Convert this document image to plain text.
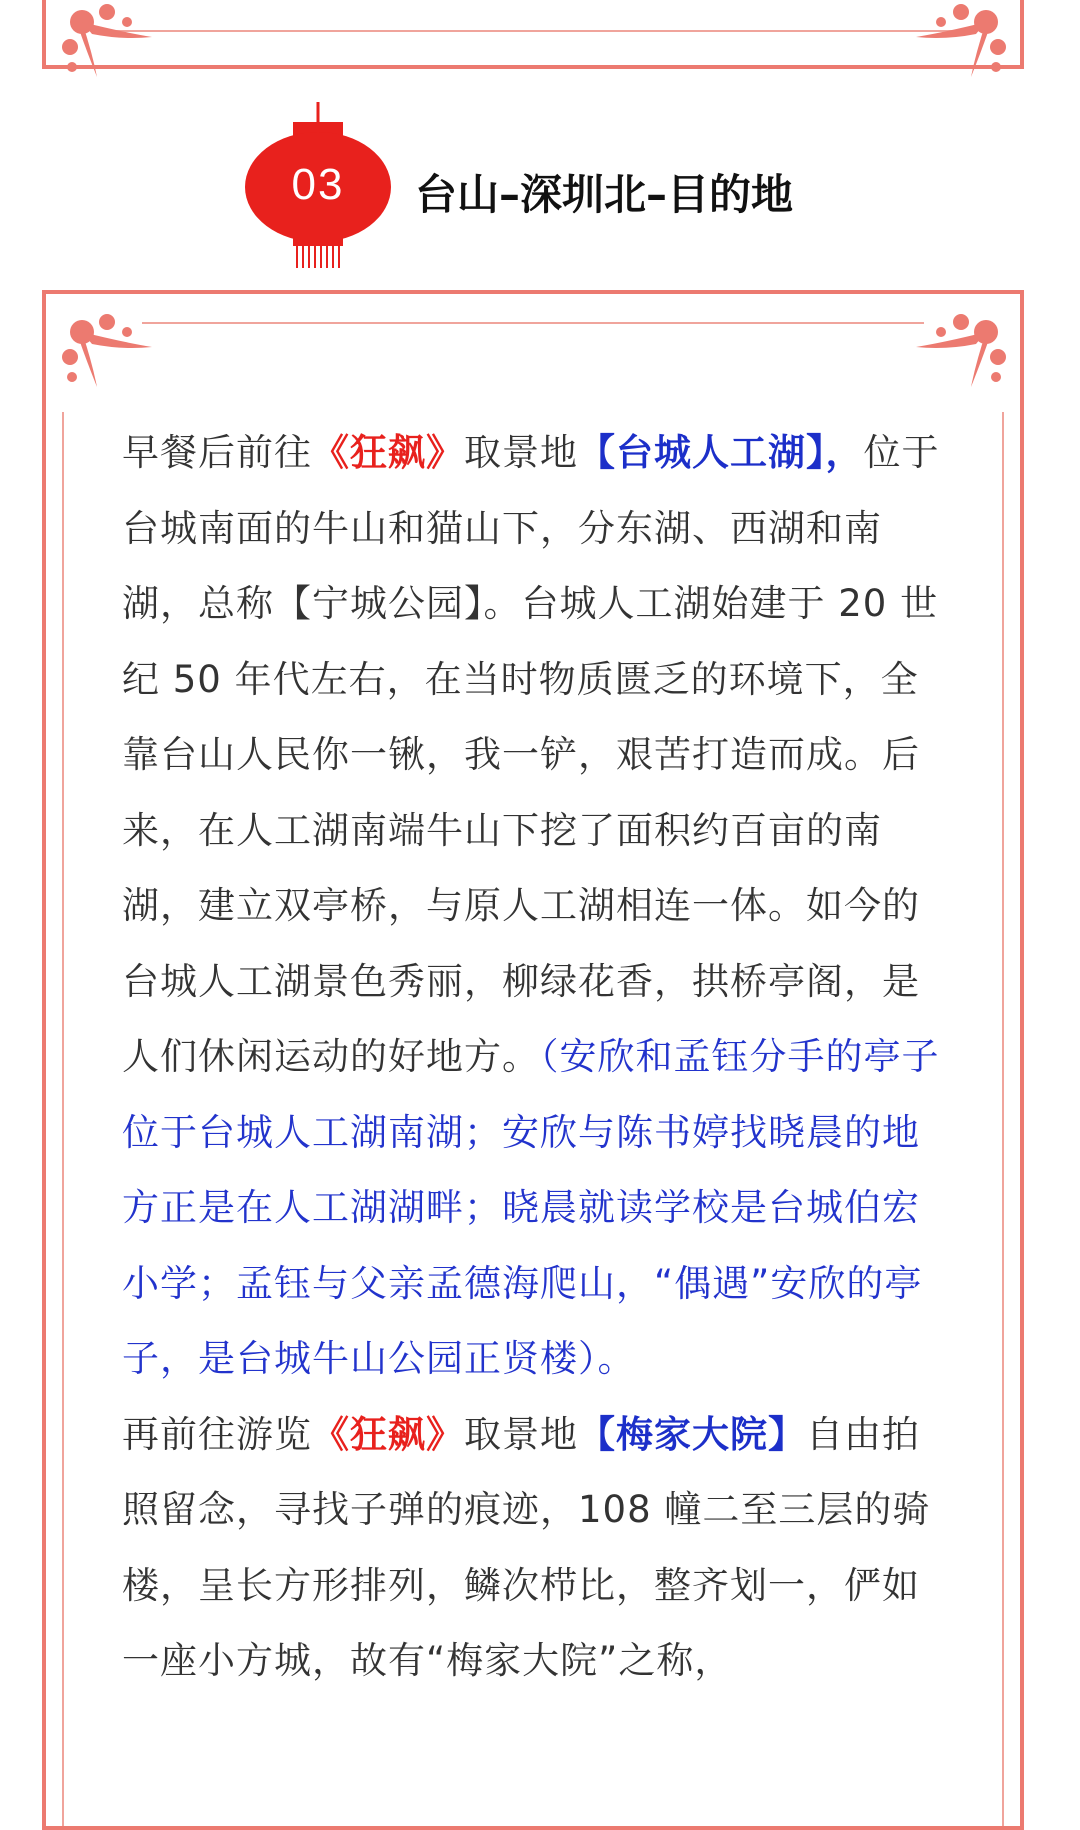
03	台山–深圳北–目的地

早餐后前往《狂飙》取景地【台城人工湖】，位于台城南面的牛山和猫山下，分东湖、西湖和南湖，总称【宁城公园】。台城人工湖始建于 20 世纪 50 年代左右，在当时物质匮乏的环境下，全靠台山人民你一锹，我一铲，艰苦打造而成。后来，在人工湖南端牛山下挖了面积约百亩的南湖，建立双亭桥，与原人工湖相连一体。如今的台城人工湖景色秀丽，柳绿花香，拱桥亭阁，是人们休闲运动的好地方。（安欣和孟钰分手的亭子位于台城人工湖南湖；安欣与陈书婷找晓晨的地方正是在人工湖湖畔；晓晨就读学校是台城伯宏小学；孟钰与父亲孟德海爬山，“偶遇”安欣的亭子，是台城牛山公园正贤楼）。

再前往游览《狂飙》取景地【梅家大院】自由拍照留念，寻找子弹的痕迹，108 幢二至三层的骑楼，呈长方形排列，鳞次栉比，整齐划一，俨如一座小方城，故有“梅家大院”之称，
